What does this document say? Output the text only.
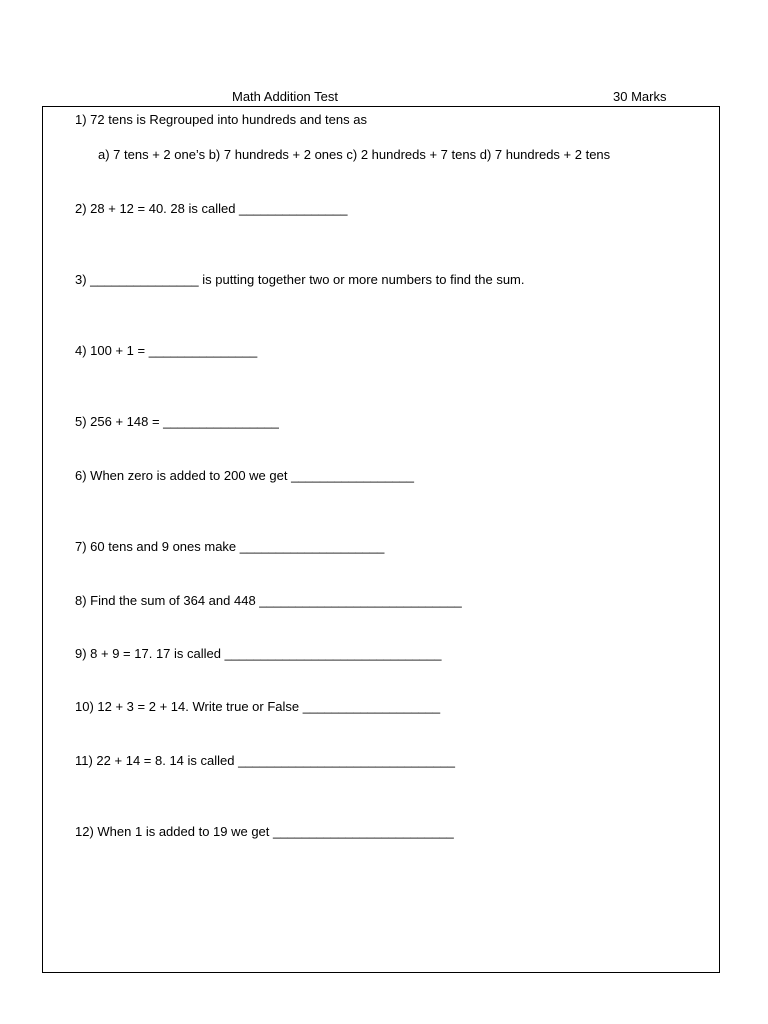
Math Addition Test	30 Marks
1) 72 tens is Regrouped into hundreds and tens as
a) 7 tens + 2 one’s b) 7 hundreds + 2 ones c) 2 hundreds + 7 tens d) 7 hundreds + 2 tens
2) 28 + 12 = 40. 28 is called _______________
3) _______________ is putting together two or more numbers to find the sum.
4) 100 + 1 = _______________
5) 256 + 148 = ________________
6) When zero is added to 200 we get _________________
7) 60 tens and 9 ones make ____________________
8) Find the sum of 364 and 448 ____________________________
9) 8 + 9 = 17. 17 is called ______________________________
10) 12 + 3 = 2 + 14. Write true or False ___________________
11) 22 + 14 = 8. 14 is called ______________________________
12) When 1 is added to 19 we get _________________________
